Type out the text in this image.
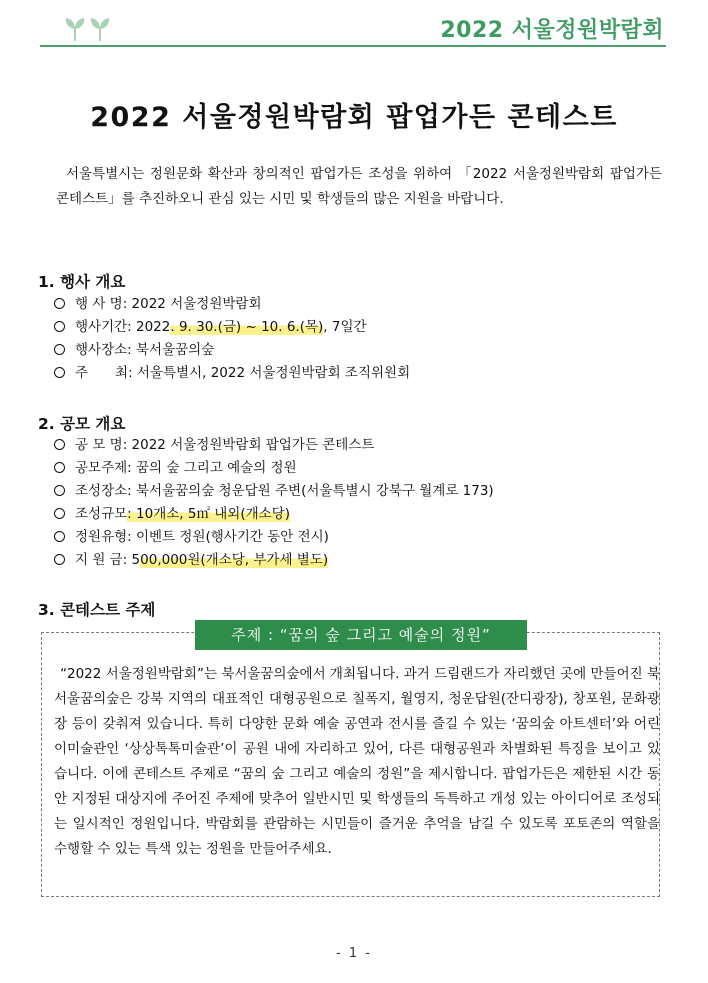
2022 서울정원박람회
2022 서울정원박람회 팝업가든 콘테스트

서울특별시는 정원문화 확산과 창의적인 팝업가든 조성을 위하여 「2022 서울정원박람회 팝업가든 콘테스트」를 추진하오니 관심 있는 시민 및 학생들의 많은 지원을 바랍니다.

1. 행사 개요
행 사 명: 2022 서울정원박람회
행사기간: 2022. 9. 30.(금) ~ 10. 6.(목), 7일간
행사장소: 북서울꿈의숲
주　　최: 서울특별시, 2022 서울정원박람회 조직위원회
2. 공모 개요
공 모 명: 2022 서울정원박람회 팝업가든 콘테스트
공모주제: 꿈의 숲 그리고 예술의 정원
조성장소: 북서울꿈의숲 청운답원 주변(서울특별시 강북구 월계로 173)
조성규모: 10개소, 5㎡ 내외(개소당)
정원유형: 이벤트 정원(행사기간 동안 전시)
지 원 금: 500,000원(개소당, 부가세 별도)
3. 콘테스트 주제
주제 : “꿈의 숲 그리고 예술의 정원”

“2022 서울정원박람회”는 북서울꿈의숲에서 개최됩니다. 과거 드림랜드가 자리했던 곳에 만들어진 북서울꿈의숲은 강북 지역의 대표적인 대형공원으로 칠폭지, 월영지, 청운답원(잔디광장), 창포원, 문화광장 등이 갖춰져 있습니다. 특히 다양한 문화 예술 공연과 전시를 즐길 수 있는 ‘꿈의숲 아트센터’와 어린이미술관인 ‘상상톡톡미술관’이 공원 내에 자리하고 있어, 다른 대형공원과 차별화된 특징을 보이고 있습니다. 이에 콘테스트 주제로 “꿈의 숲 그리고 예술의 정원”을 제시합니다. 팝업가든은 제한된 시간 동안 지정된 대상지에 주어진 주제에 맞추어 일반시민 및 학생들의 독특하고 개성 있는 아이디어로 조성되는 일시적인 정원입니다. 박람회를 관람하는 시민들이 즐거운 추억을 남길 수 있도록 포토존의 역할을 수행할 수 있는 특색 있는 정원을 만들어주세요.

- 1 -
